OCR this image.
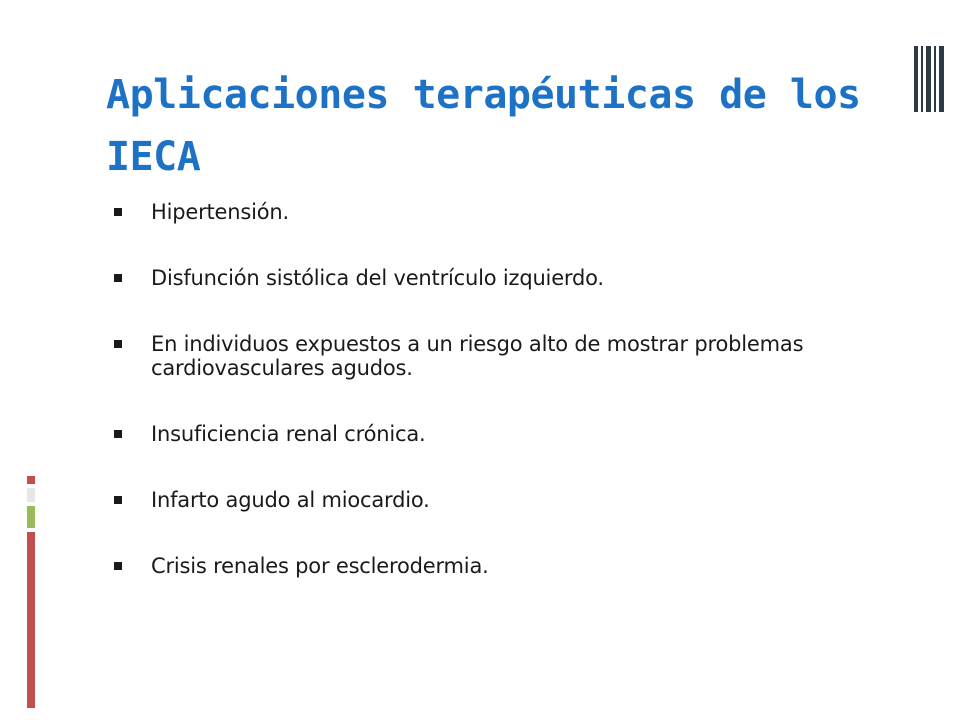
Aplicaciones terapéuticas de los IECA
Hipertensión.
Disfunción sistólica del ventrículo izquierdo.
En individuos expuestos a un riesgo alto de mostrar problemas cardiovasculares agudos.
Insuficiencia renal crónica.
Infarto agudo al miocardio.
Crisis renales por esclerodermia.
